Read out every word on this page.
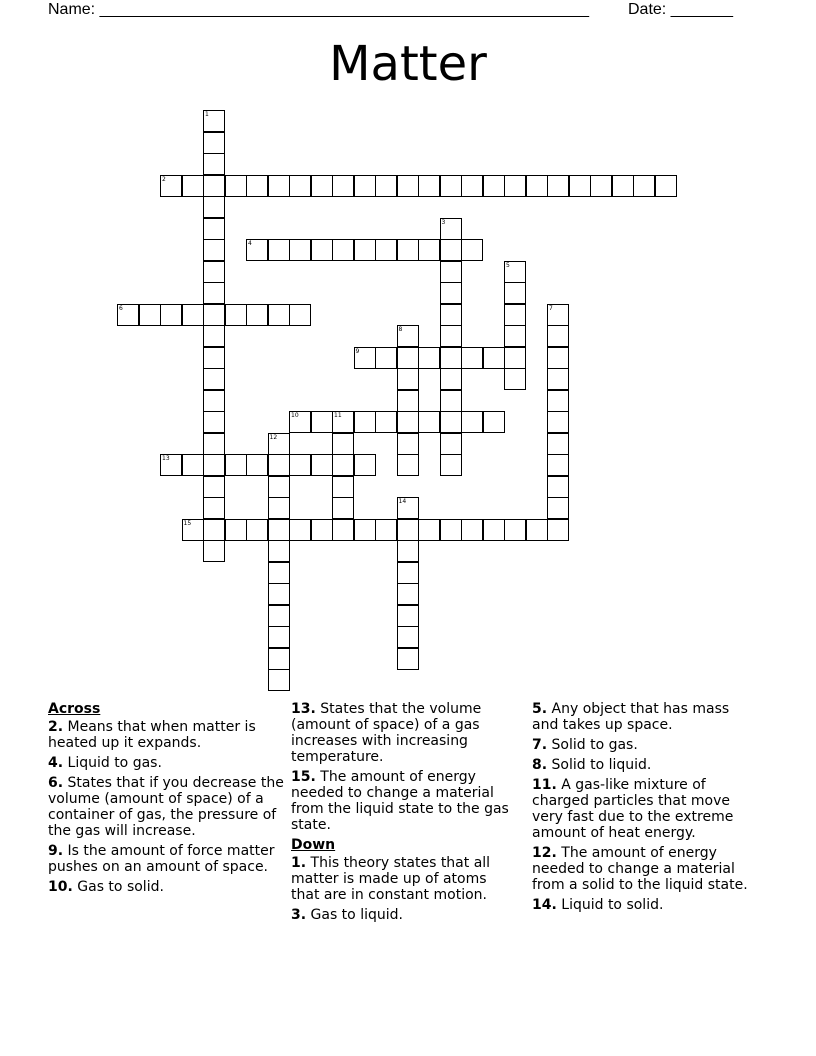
Name: _______________________________________________________ Date: _______
Matter
1
2
3
4
5
6	7
8
9
10	11
12
13
14
15
Across
2. Means that when matter is heated up it expands.
4. Liquid to gas.
6. States that if you decrease the volume (amount of space) of a container of gas, the pressure of the gas will increase.
9. Is the amount of force matter pushes on an amount of space.
10. Gas to solid.
13. States that the volume (amount of space) of a gas increases with increasing temperature.
15. The amount of energy needed to change a material from the liquid state to the gas state.
Down
1. This theory states that all matter is made up of atoms that are in constant motion.
3. Gas to liquid.
5. Any object that has mass and takes up space.
7. Solid to gas.
8. Solid to liquid.
11. A gas-like mixture of charged particles that move very fast due to the extreme amount of heat energy.
12. The amount of energy needed to change a material from a solid to the liquid state.
14. Liquid to solid.
